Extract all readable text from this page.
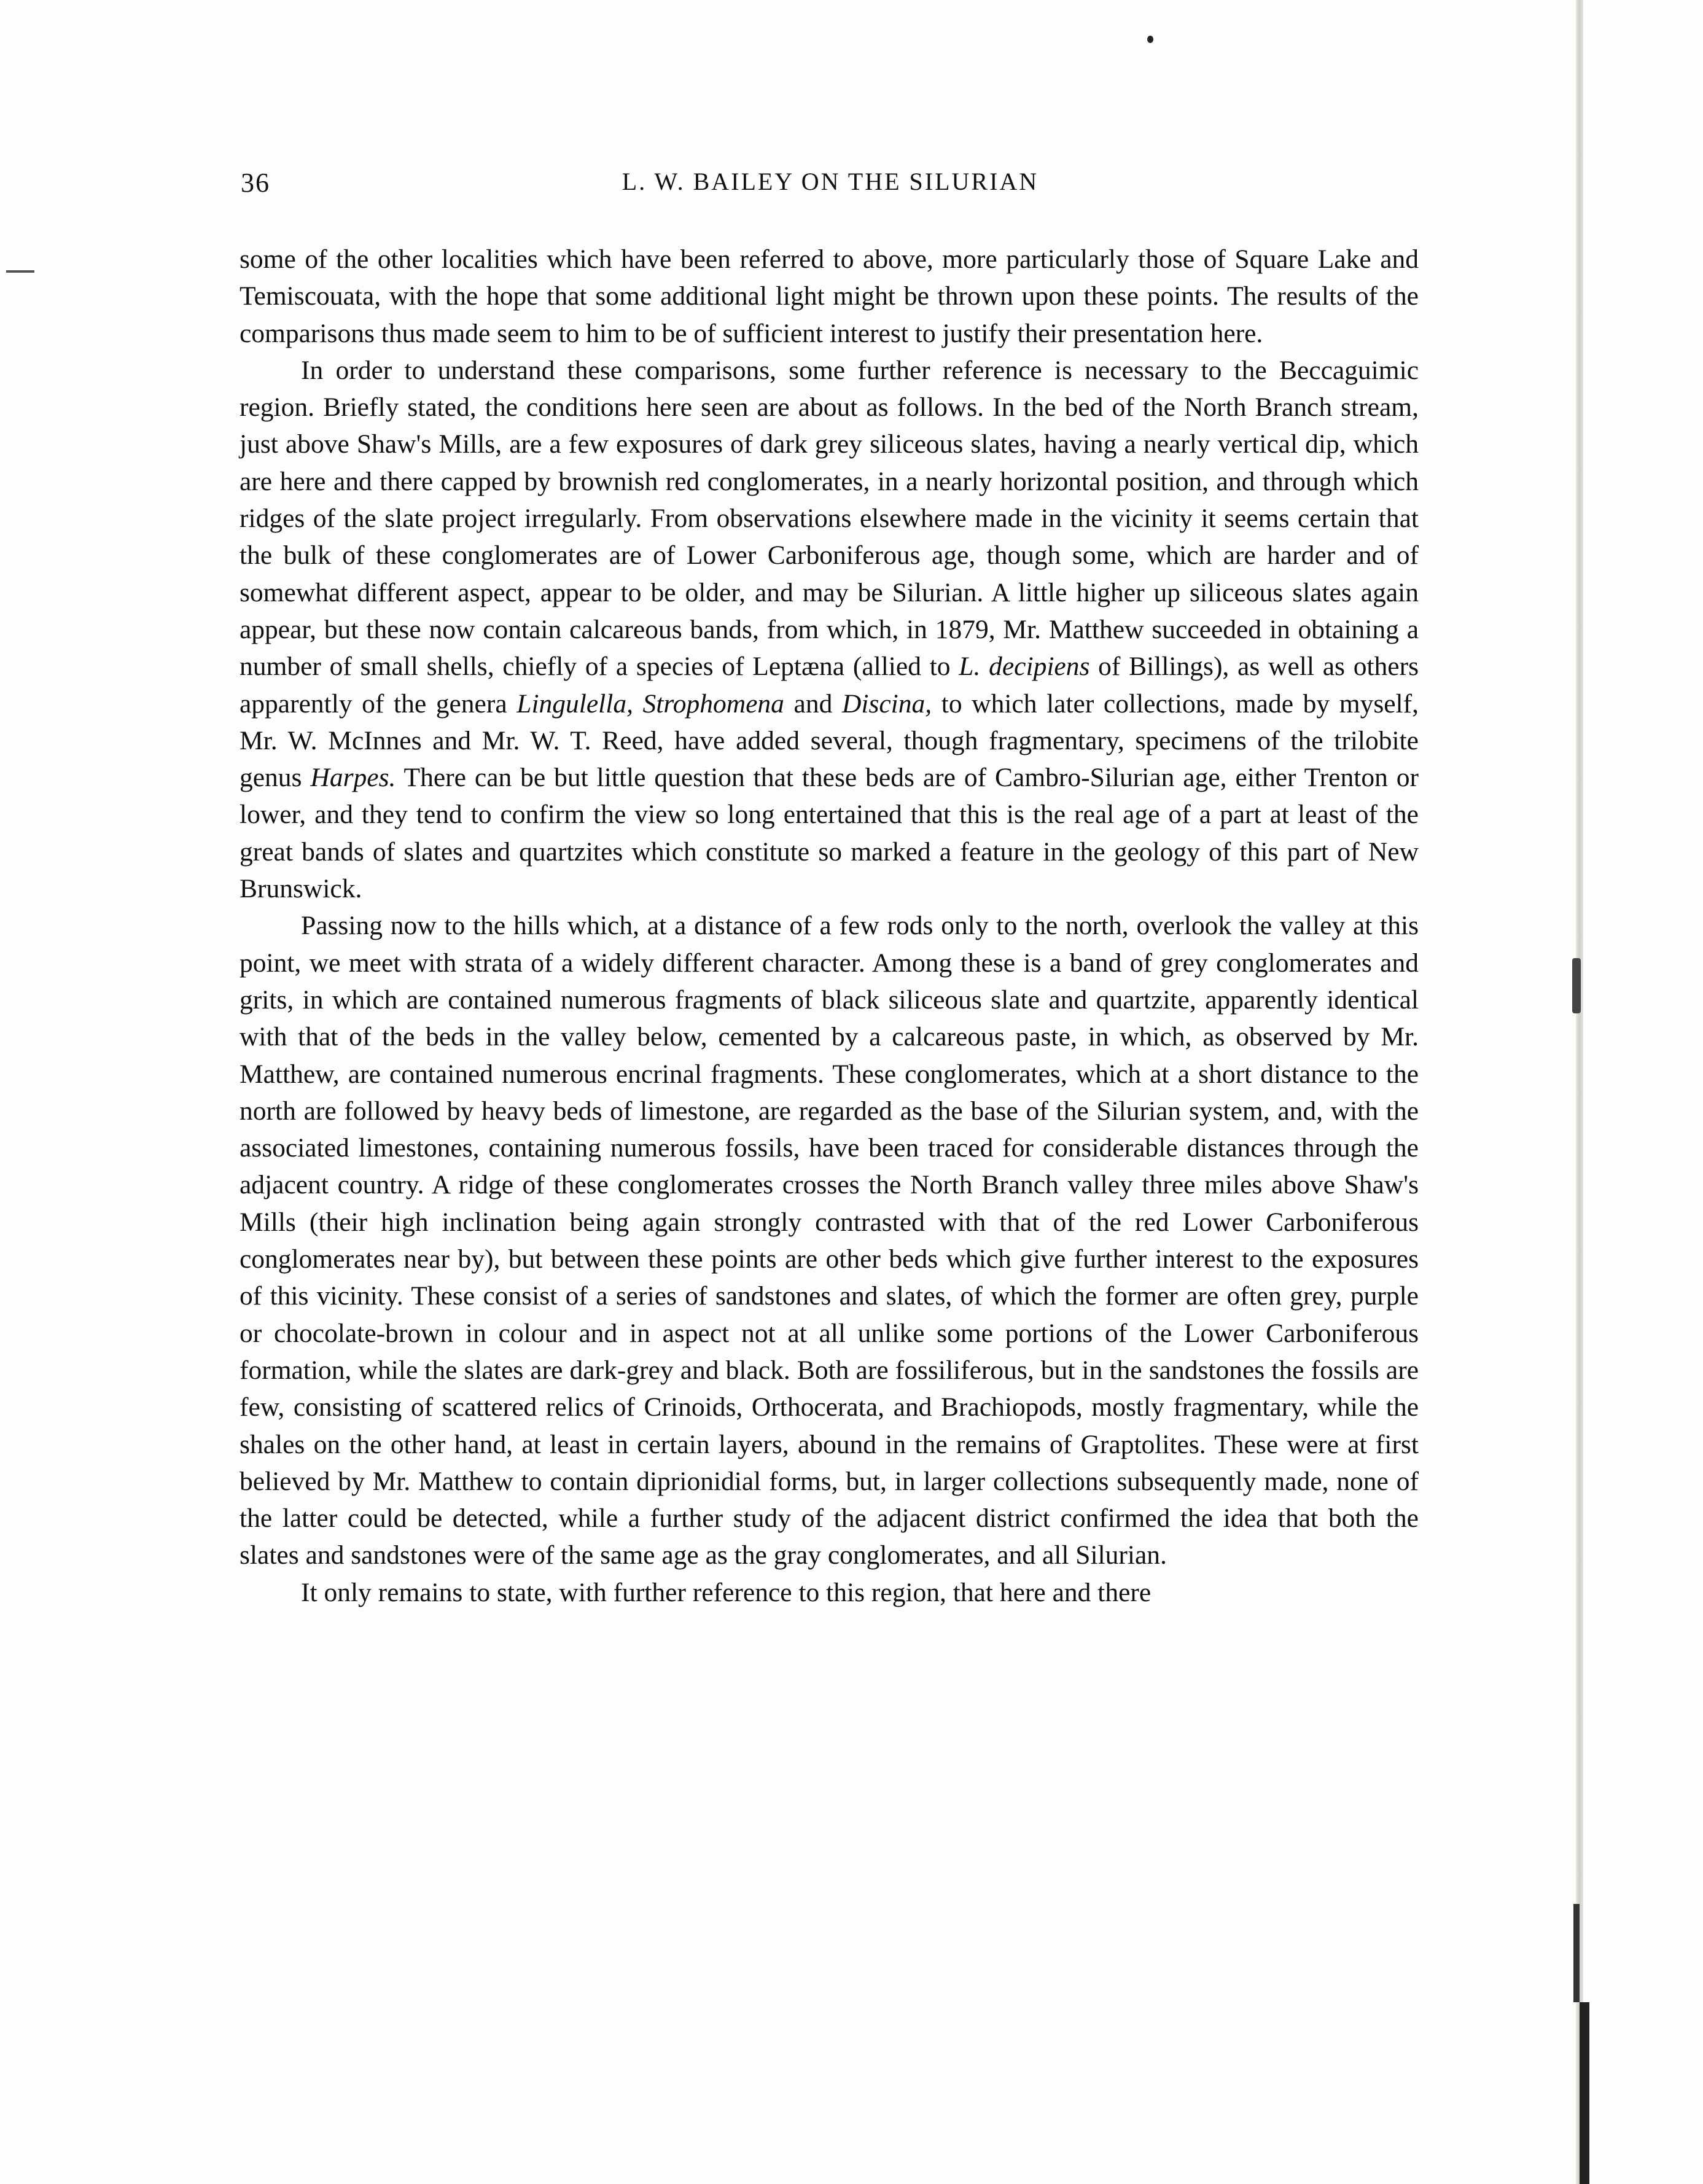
36	L. W. BAILEY ON THE SILURIAN

some of the other localities which have been referred to above, more particularly those of Square Lake and Temiscouata, with the hope that some additional light might be thrown upon these points. The results of the comparisons thus made seem to him to be of sufficient interest to justify their presentation here.

In order to understand these comparisons, some further reference is necessary to the Beccaguimic region. Briefly stated, the conditions here seen are about as follows. In the bed of the North Branch stream, just above Shaw's Mills, are a few exposures of dark grey siliceous slates, having a nearly vertical dip, which are here and there capped by brownish red conglomerates, in a nearly horizontal position, and through which ridges of the slate project irregularly. From observations elsewhere made in the vicinity it seems certain that the bulk of these conglomerates are of Lower Carboniferous age, though some, which are harder and of somewhat different aspect, appear to be older, and may be Silurian. A little higher up siliceous slates again appear, but these now contain calcareous bands, from which, in 1879, Mr. Matthew succeeded in obtaining a number of small shells, chiefly of a species of Leptæna (allied to L. decipiens of Billings), as well as others apparently of the genera Lingulella, Strophomena and Discina, to which later collections, made by myself, Mr. W. McInnes and Mr. W. T. Reed, have added several, though fragmentary, specimens of the trilobite genus Harpes. There can be but little question that these beds are of Cambro-Silurian age, either Trenton or lower, and they tend to confirm the view so long entertained that this is the real age of a part at least of the great bands of slates and quartzites which constitute so marked a feature in the geology of this part of New Brunswick.

Passing now to the hills which, at a distance of a few rods only to the north, overlook the valley at this point, we meet with strata of a widely different character. Among these is a band of grey conglomerates and grits, in which are contained numerous fragments of black siliceous slate and quartzite, apparently identical with that of the beds in the valley below, cemented by a calcareous paste, in which, as observed by Mr. Matthew, are contained numerous encrinal fragments. These conglomerates, which at a short distance to the north are followed by heavy beds of limestone, are regarded as the base of the Silurian system, and, with the associated limestones, containing numerous fossils, have been traced for considerable distances through the adjacent country. A ridge of these conglomerates crosses the North Branch valley three miles above Shaw's Mills (their high inclination being again strongly contrasted with that of the red Lower Carboniferous conglomerates near by), but between these points are other beds which give further interest to the exposures of this vicinity. These consist of a series of sandstones and slates, of which the former are often grey, purple or chocolate-brown in colour and in aspect not at all unlike some portions of the Lower Carboniferous formation, while the slates are dark-grey and black. Both are fossiliferous, but in the sandstones the fossils are few, consisting of scattered relics of Crinoids, Orthocerata, and Brachiopods, mostly fragmentary, while the shales on the other hand, at least in certain layers, abound in the remains of Graptolites. These were at first believed by Mr. Matthew to contain diprionidial forms, but, in larger collections subsequently made, none of the latter could be detected, while a further study of the adjacent district confirmed the idea that both the slates and sandstones were of the same age as the gray conglomerates, and all Silurian.

It only remains to state, with further reference to this region, that here and there
